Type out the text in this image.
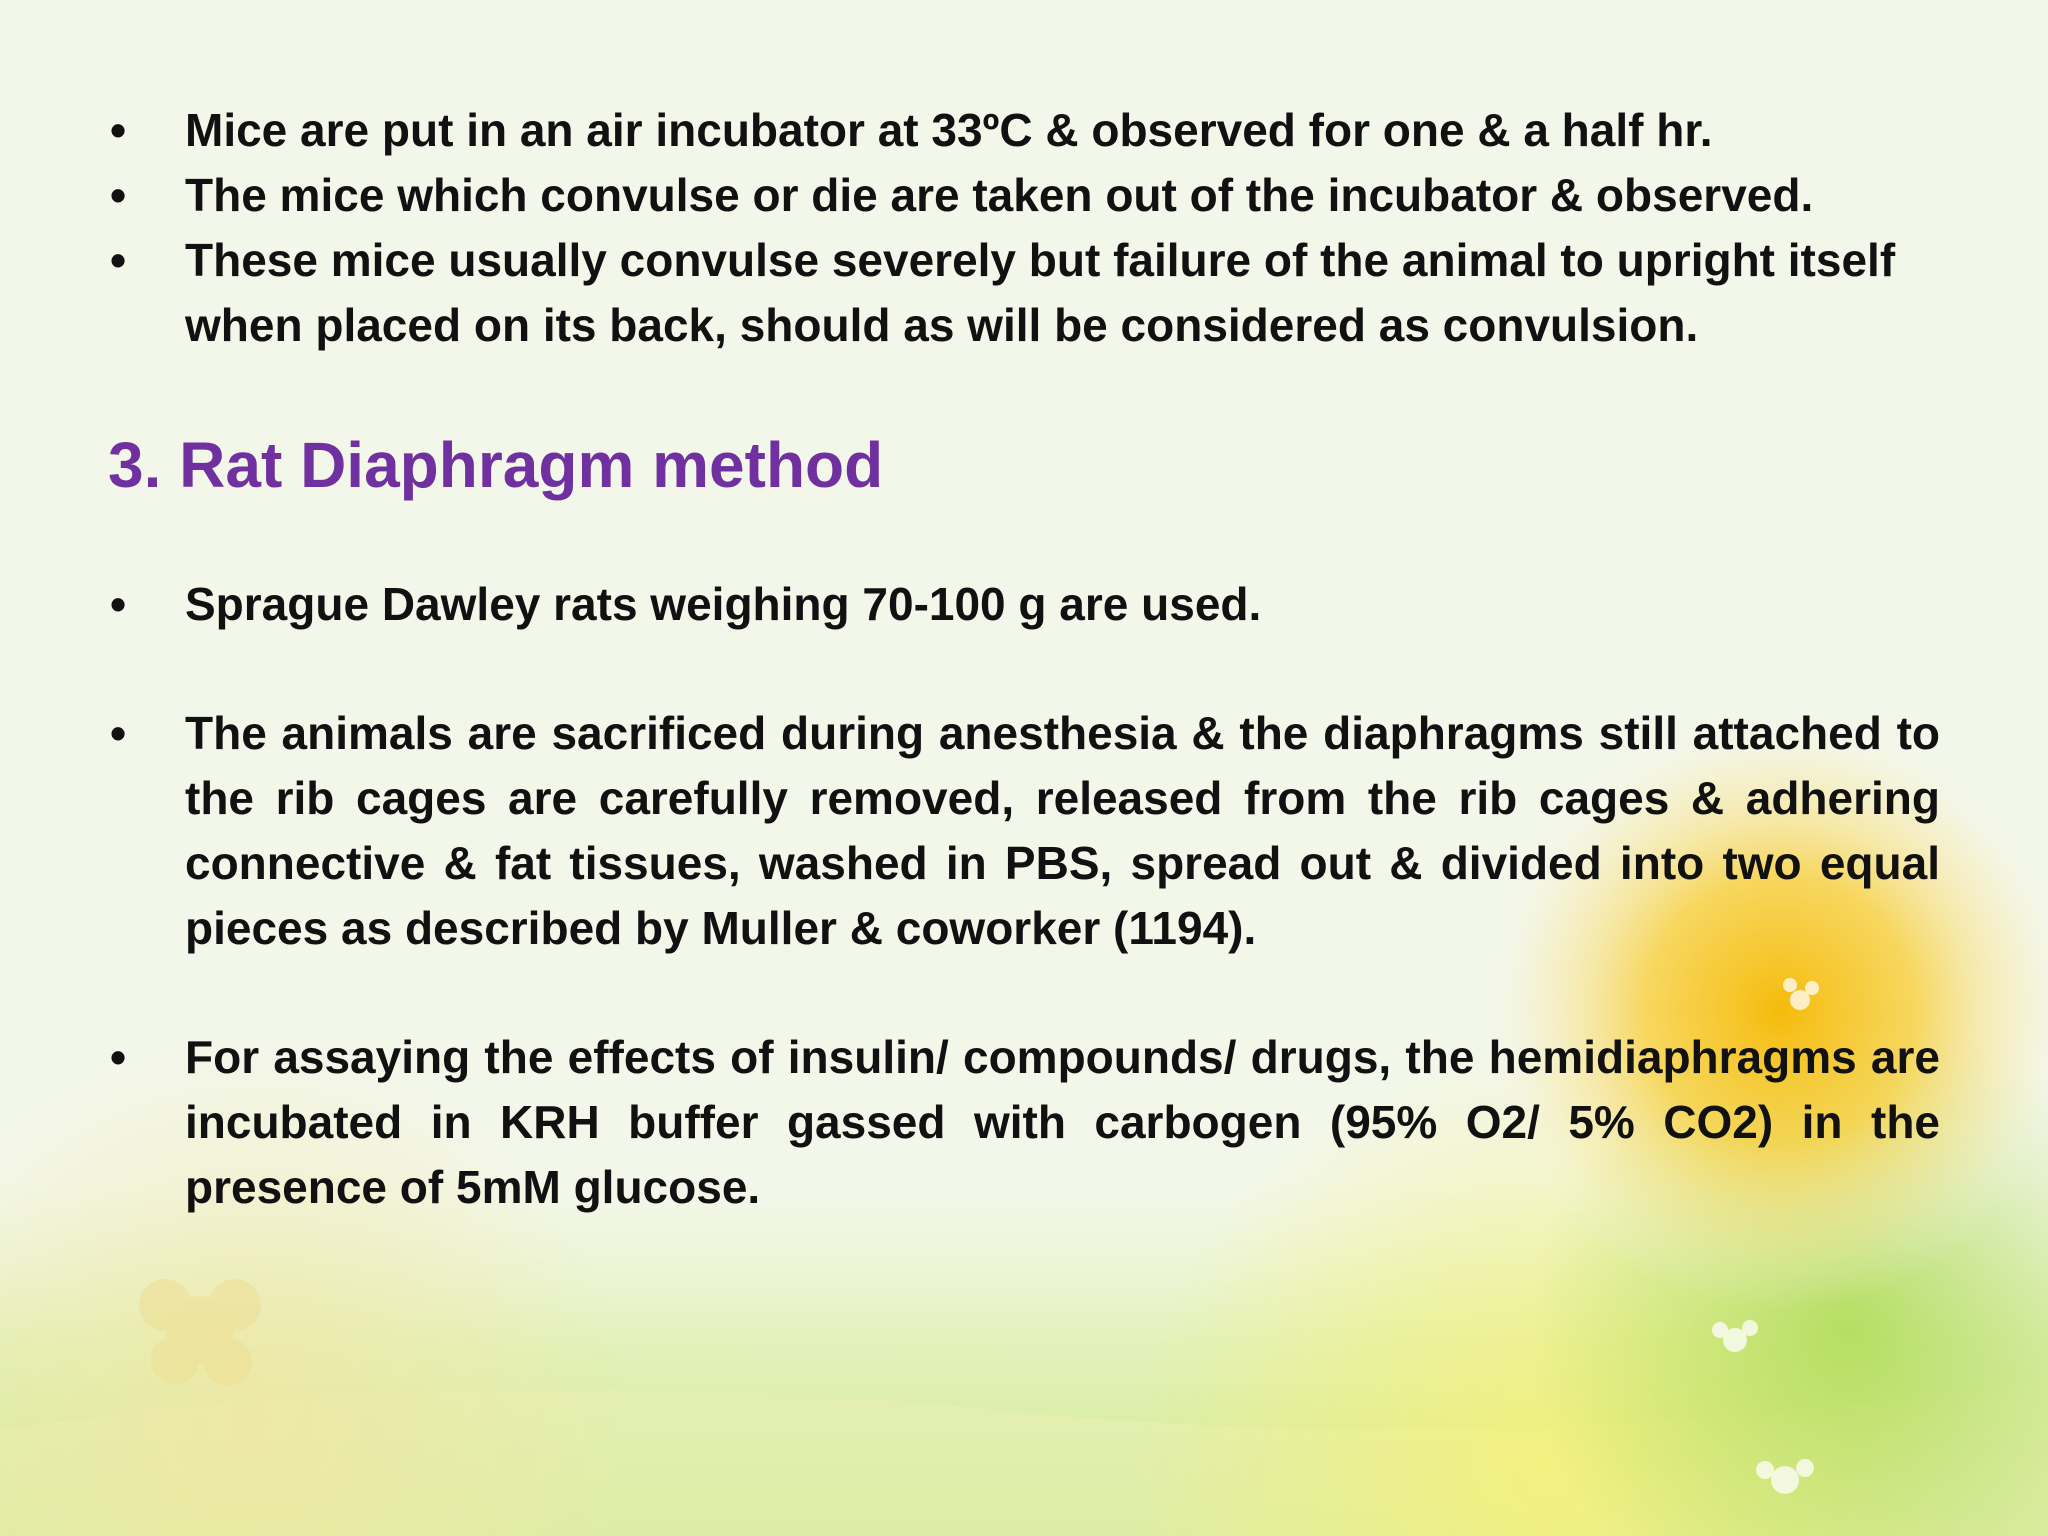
•	Mice are put in an air incubator at 33ºC & observed for one & a half hr.
•	The mice which convulse or die are taken out of the incubator & observed.
•	These mice usually convulse severely but failure of the animal to upright itself when placed on its back, should as will be considered as convulsion.
3. Rat Diaphragm method
•	Sprague Dawley rats weighing 70-100 g are used.
•	The animals are sacrificed during anesthesia & the diaphragms still attached to the rib cages are carefully removed, released from the rib cages & adhering connective & fat tissues, washed in PBS, spread out & divided into two equal pieces as described by Muller & coworker (1194).
•	For assaying the effects of insulin/ compounds/ drugs, the hemidiaphragms are incubated in KRH buffer gassed with carbogen (95% O2/ 5% CO2) in the presence of 5mM glucose.
